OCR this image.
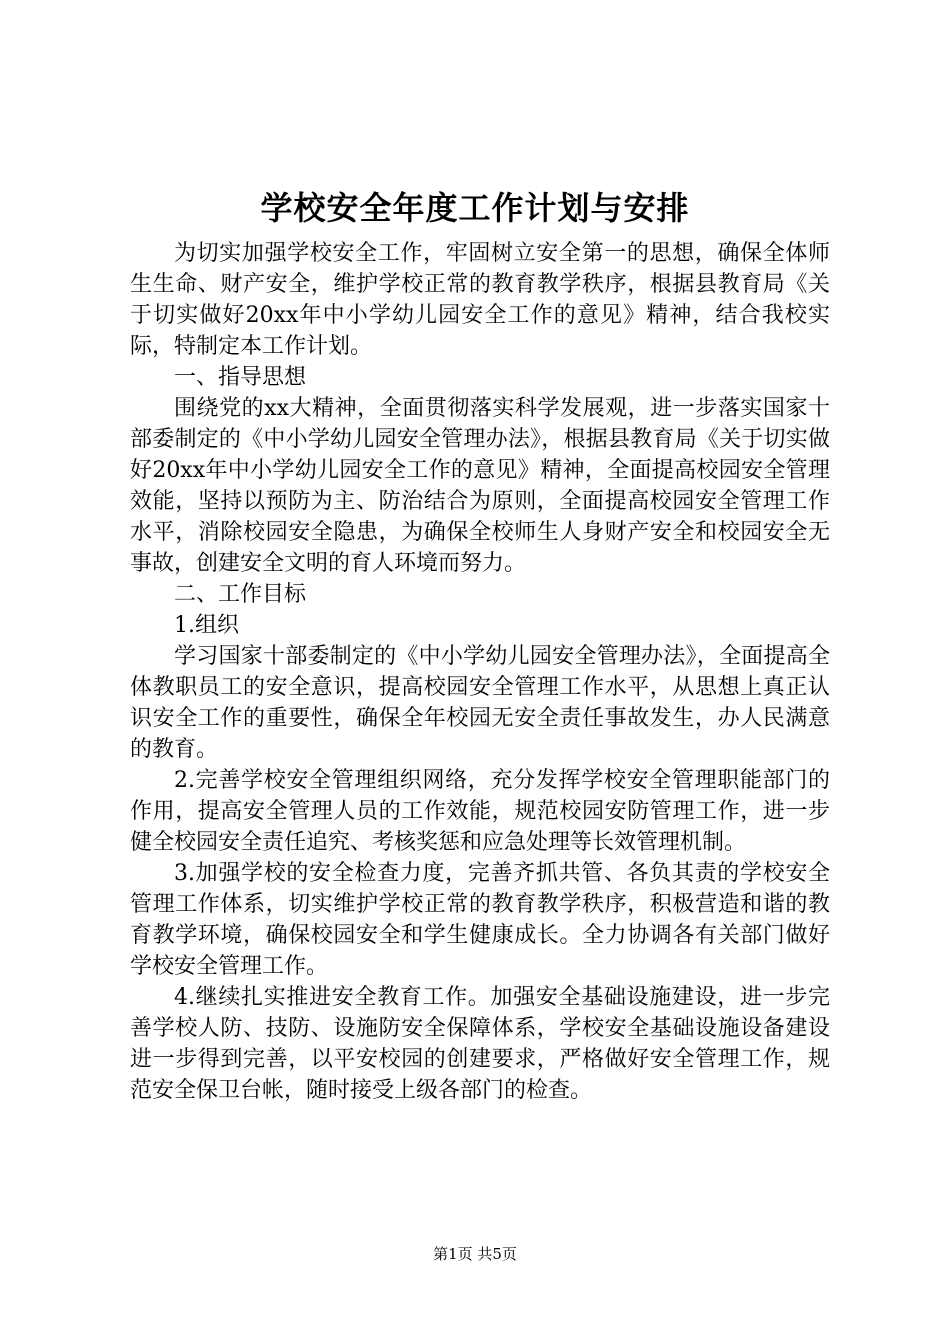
学校安全年度工作计划与安排

为切实加强学校安全工作，牢固树立安全第一的思想，确保全体师生生命、财产安全，维护学校正常的教育教学秩序，根据县教育局《关于切实做好20xx年中小学幼儿园安全工作的意见》精神，结合我校实际，特制定本工作计划。

一、指导思想

围绕党的xx大精神，全面贯彻落实科学发展观，进一步落实国家十部委制定的《中小学幼儿园安全管理办法》，根据县教育局《关于切实做好20xx年中小学幼儿园安全工作的意见》精神，全面提高校园安全管理效能，坚持以预防为主、防治结合为原则，全面提高校园安全管理工作水平，消除校园安全隐患，为确保全校师生人身财产安全和校园安全无事故，创建安全文明的育人环境而努力。

二、工作目标

1.组织

学习国家十部委制定的《中小学幼儿园安全管理办法》，全面提高全体教职员工的安全意识，提高校园安全管理工作水平，从思想上真正认识安全工作的重要性，确保全年校园无安全责任事故发生，办人民满意的教育。

2.完善学校安全管理组织网络，充分发挥学校安全管理职能部门的作用，提高安全管理人员的工作效能，规范校园安防管理工作，进一步健全校园安全责任追究、考核奖惩和应急处理等长效管理机制。

3.加强学校的安全检查力度，完善齐抓共管、各负其责的学校安全管理工作体系，切实维护学校正常的教育教学秩序，积极营造和谐的教育教学环境，确保校园安全和学生健康成长。全力协调各有关部门做好学校安全管理工作。

4.继续扎实推进安全教育工作。加强安全基础设施建设，进一步完善学校人防、技防、设施防安全保障体系，学校安全基础设施设备建设进一步得到完善，以平安校园的创建要求，严格做好安全管理工作，规范安全保卫台帐，随时接受上级各部门的检查。

第1页 共5页
